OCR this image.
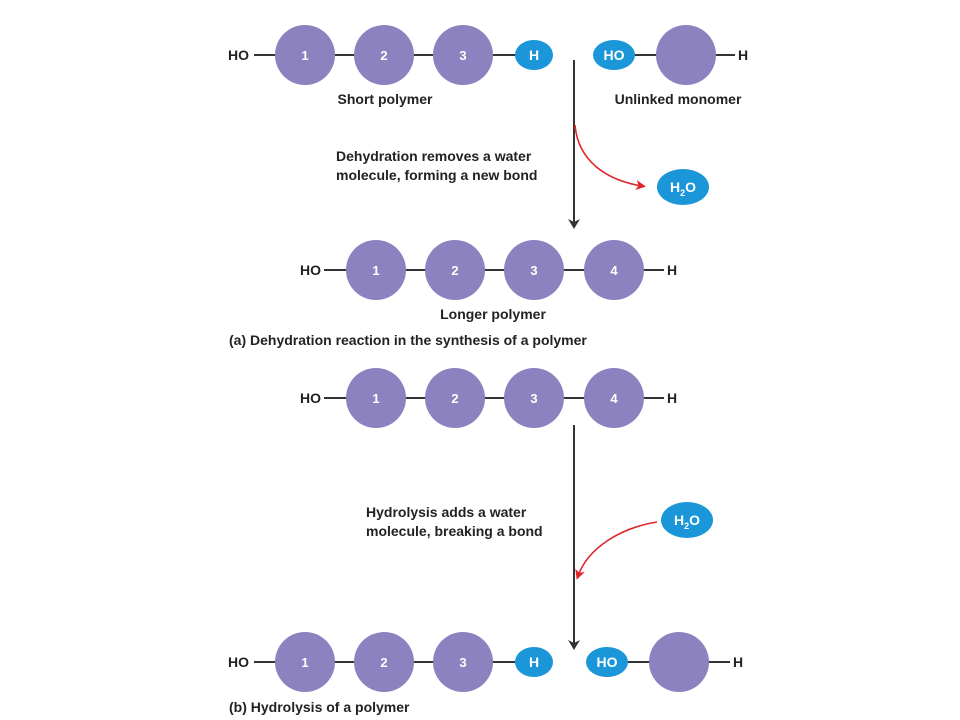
HO	1	2	3	H
Short polymer
HO	H
Unlinked monomer
Dehydration removes a water
molecule, forming a new bond
$H_2O$
HO	1	2	3	4	H
Longer polymer
(a) Dehydration reaction in the synthesis of a polymer
HO	1	2	3	4	H
Hydrolysis adds a water
molecule, breaking a bond
$H_2O$
HO	1	2	3	H	HO	H
(b) Hydrolysis of a polymer
